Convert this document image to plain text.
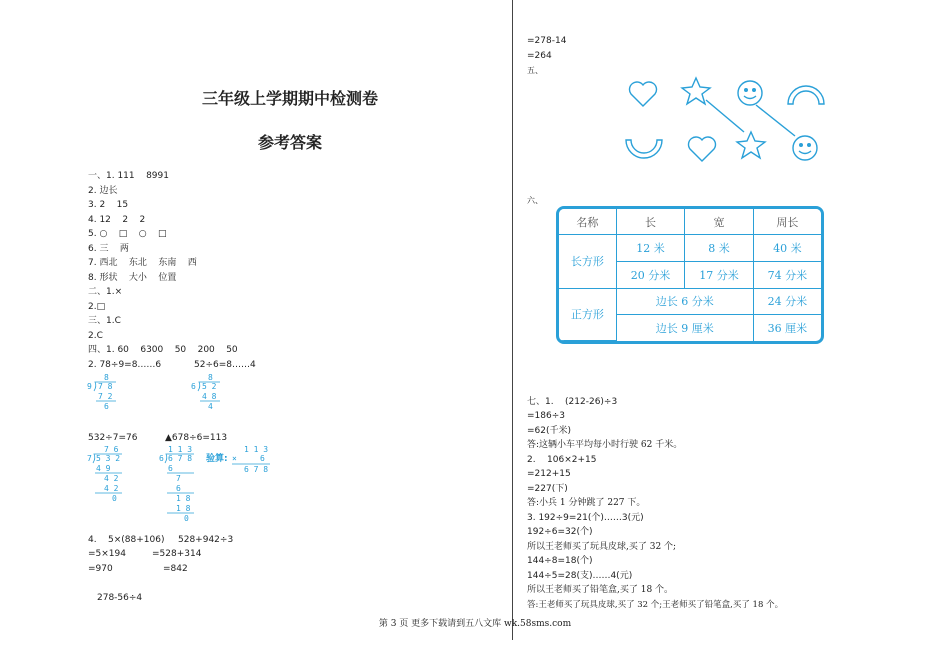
三年级上学期期中检测卷
参考答案
一、1. 111    8991
2. 边长
3. 2    15
4. 12    2    2
5. ○    □    ○    □
6. 三    两
7. 西北    东北    东南    西
8. 形状    大小    位置
二、1.×
2.□
三、1.C
2.C
四、1. 60    6300    50    200    50
2. 78÷9=8……6	52÷6=8……4
8
9 7 8
7 2
6
8
6 5 2
4 8
4
532÷7=76	▲678÷6=113
7 6
7 5 3 2
4 9
4 2
4 2
0
1 1 3
6 6 7 8
6
7
6
1 8
1 8
0
验算:
1 1 3
×	6
6 7 8
4.    5×(88+106)
=5×194
=970
528+942÷3
=528+314
=842
278-56÷4
=278-14
=264
五、
六、
名称	长	宽	周长
长方形	12 米	8 米	40 米
	20 分米	17 分米	74 分米
正方形	边长 6 分米		24 分米
	边长 9 厘米		36 厘米
七、1.    (212-26)÷3
=186÷3
=62(千米)
答:这辆小车平均每小时行驶 62 千米。
2.    106×2+15
=212+15
=227(下)
答:小兵 1 分钟跳了 227 下。
3. 192÷9=21(个)……3(元)
192÷6=32(个)
所以王老师买了玩具皮球,买了 32 个;
144÷8=18(个)
144÷5=28(支)……4(元)
所以王老师买了铅笔盒,买了 18 个。
答:王老师买了玩具皮球,买了 32 个;王老师买了铅笔盒,买了 18 个。
第 3 页 更多下载请到五八文库 wk.58sms.com
